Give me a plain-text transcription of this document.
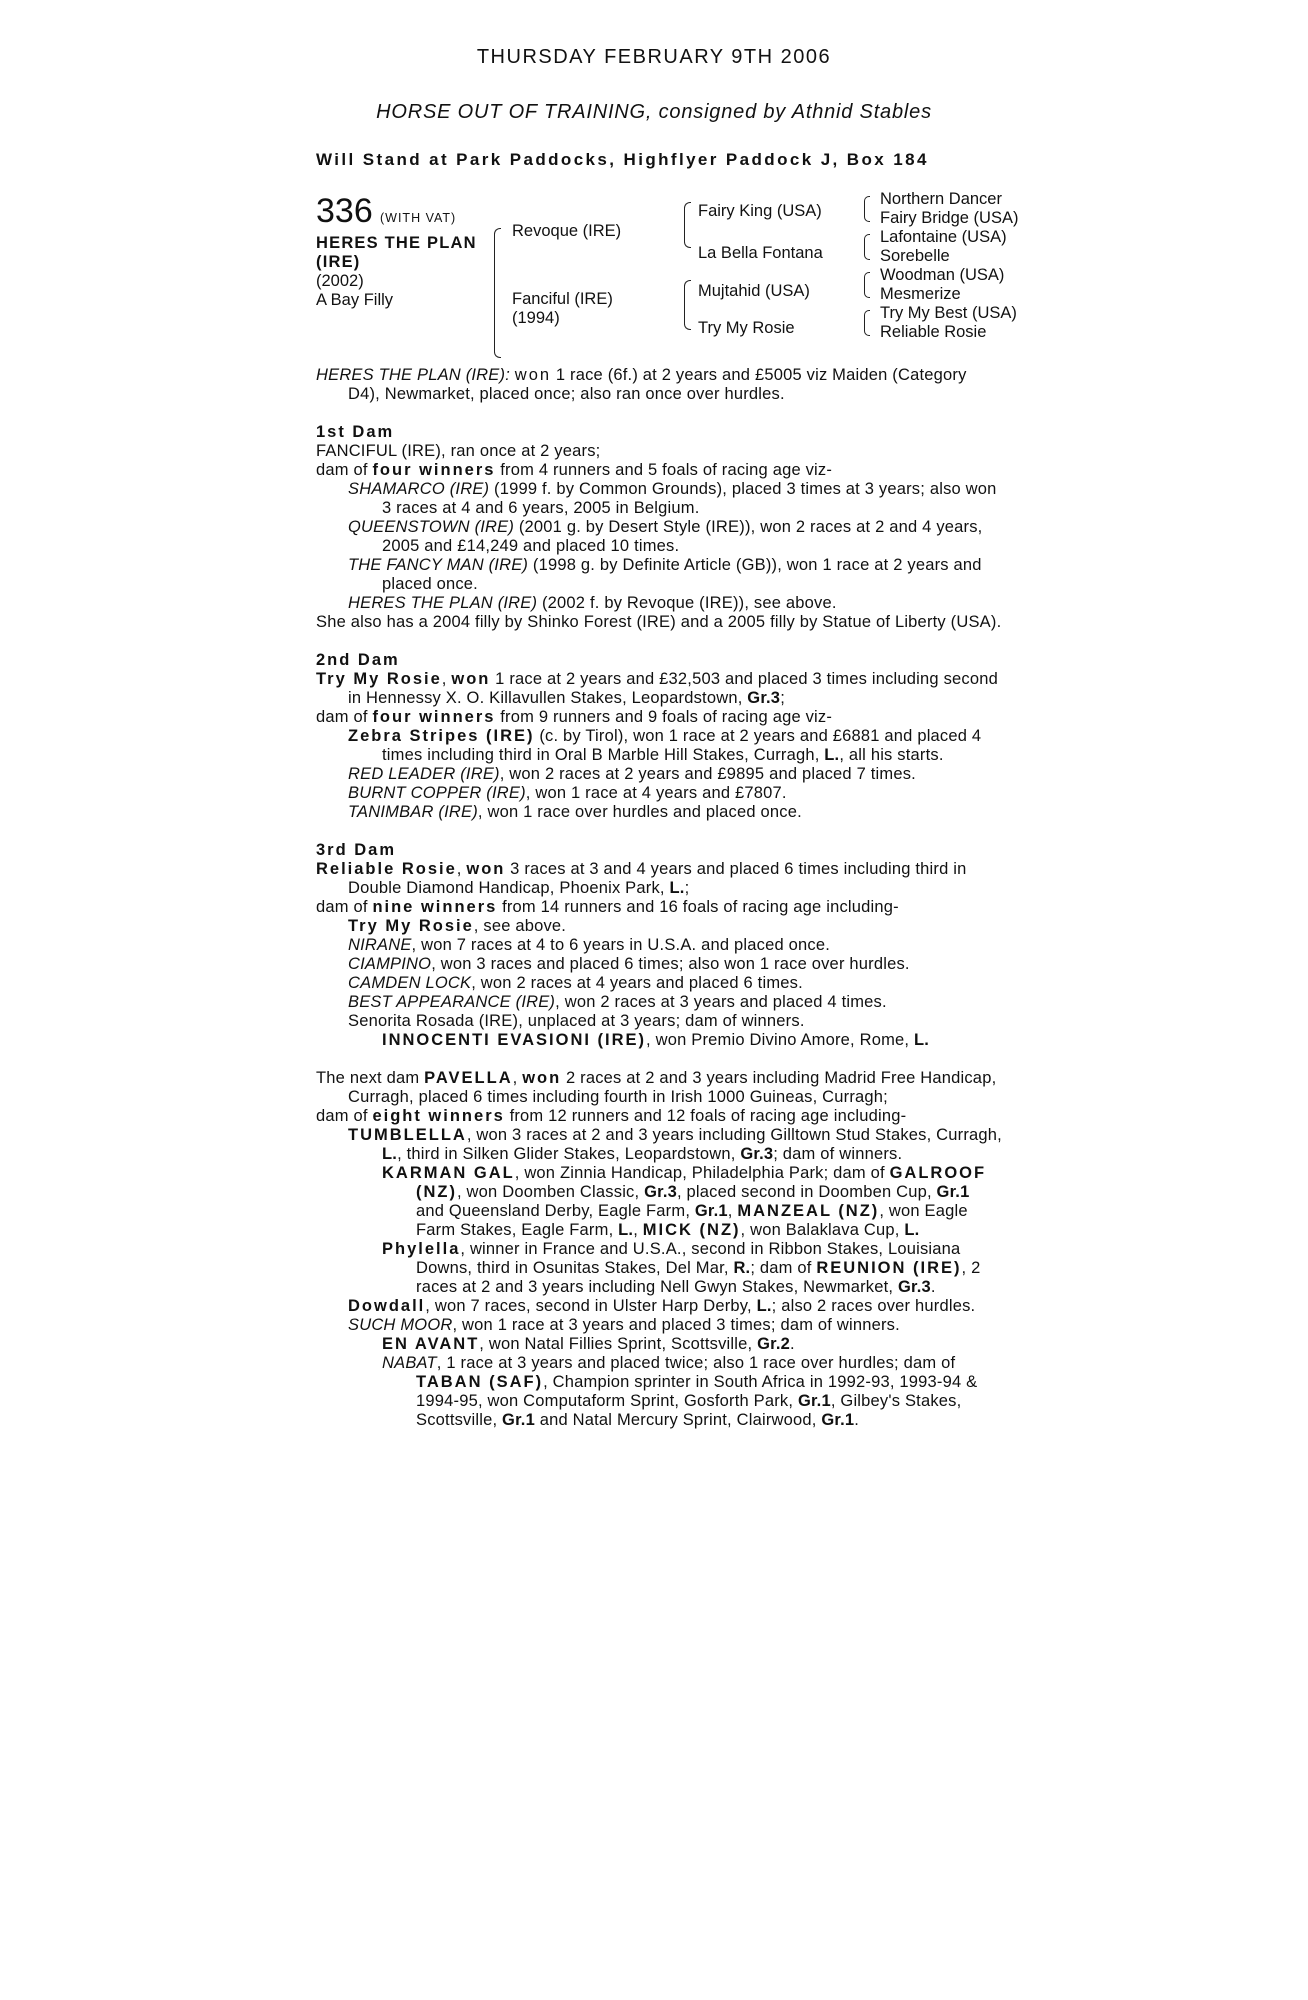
THURSDAY FEBRUARY 9TH 2006
HORSE OUT OF TRAINING, consigned by Athnid Stables
Will Stand at Park Paddocks, Highflyer Paddock J, Box 184
336 (WITH VAT)
HERES THE PLAN
(IRE)
(2002)
A Bay Filly
Revoque (IRE)
Fanciful (IRE)
(1994)
Fairy King (USA)
La Bella Fontana
Mujtahid (USA)
Try My Rosie
Northern Dancer
Fairy Bridge (USA)
Lafontaine (USA)
Sorebelle
Woodman (USA)
Mesmerize
Try My Best (USA)
Reliable Rosie

HERES THE PLAN (IRE): won 1 race (6f.) at 2 years and £5005 viz Maiden (Category D4), Newmarket, placed once; also ran once over hurdles.

1st Dam

FANCIFUL (IRE), ran once at 2 years;

dam of four winners from 4 runners and 5 foals of racing age viz-

SHAMARCO (IRE) (1999 f. by Common Grounds), placed 3 times at 3 years; also won 3 races at 4 and 6 years, 2005 in Belgium.

QUEENSTOWN (IRE) (2001 g. by Desert Style (IRE)), won 2 races at 2 and 4 years, 2005 and £14,249 and placed 10 times.

THE FANCY MAN (IRE) (1998 g. by Definite Article (GB)), won 1 race at 2 years and placed once.

HERES THE PLAN (IRE) (2002 f. by Revoque (IRE)), see above.

She also has a 2004 filly by Shinko Forest (IRE) and a 2005 filly by Statue of Liberty (USA).

2nd Dam

Try My Rosie, won 1 race at 2 years and £32,503 and placed 3 times including second in Hennessy X. O. Killavullen Stakes, Leopardstown, Gr.3;

dam of four winners from 9 runners and 9 foals of racing age viz-

Zebra Stripes (IRE) (c. by Tirol), won 1 race at 2 years and £6881 and placed 4 times including third in Oral B Marble Hill Stakes, Curragh, L., all his starts.

RED LEADER (IRE), won 2 races at 2 years and £9895 and placed 7 times.

BURNT COPPER (IRE), won 1 race at 4 years and £7807.

TANIMBAR (IRE), won 1 race over hurdles and placed once.

3rd Dam

Reliable Rosie, won 3 races at 3 and 4 years and placed 6 times including third in Double Diamond Handicap, Phoenix Park, L.;

dam of nine winners from 14 runners and 16 foals of racing age including-

Try My Rosie, see above.

NIRANE, won 7 races at 4 to 6 years in U.S.A. and placed once.

CIAMPINO, won 3 races and placed 6 times; also won 1 race over hurdles.

CAMDEN LOCK, won 2 races at 4 years and placed 6 times.

BEST APPEARANCE (IRE), won 2 races at 3 years and placed 4 times.

Senorita Rosada (IRE), unplaced at 3 years; dam of winners.

INNOCENTI EVASIONI (IRE), won Premio Divino Amore, Rome, L.

The next dam PAVELLA, won 2 races at 2 and 3 years including Madrid Free Handicap, Curragh, placed 6 times including fourth in Irish 1000 Guineas, Curragh;

dam of eight winners from 12 runners and 12 foals of racing age including-

TUMBLELLA, won 3 races at 2 and 3 years including Gilltown Stud Stakes, Curragh, L., third in Silken Glider Stakes, Leopardstown, Gr.3; dam of winners.

KARMAN GAL, won Zinnia Handicap, Philadelphia Park; dam of GALROOF (NZ), won Doomben Classic, Gr.3, placed second in Doomben Cup, Gr.1 and Queensland Derby, Eagle Farm, Gr.1, MANZEAL (NZ), won Eagle Farm Stakes, Eagle Farm, L., MICK (NZ), won Balaklava Cup, L.

Phylella, winner in France and U.S.A., second in Ribbon Stakes, Louisiana Downs, third in Osunitas Stakes, Del Mar, R.; dam of REUNION (IRE), 2 races at 2 and 3 years including Nell Gwyn Stakes, Newmarket, Gr.3.

Dowdall, won 7 races, second in Ulster Harp Derby, L.; also 2 races over hurdles.

SUCH MOOR, won 1 race at 3 years and placed 3 times; dam of winners.

EN AVANT, won Natal Fillies Sprint, Scottsville, Gr.2.

NABAT, 1 race at 3 years and placed twice; also 1 race over hurdles; dam of TABAN (SAF), Champion sprinter in South Africa in 1992-93, 1993-94 & 1994-95, won Computaform Sprint, Gosforth Park, Gr.1, Gilbey's Stakes, Scottsville, Gr.1 and Natal Mercury Sprint, Clairwood, Gr.1.
